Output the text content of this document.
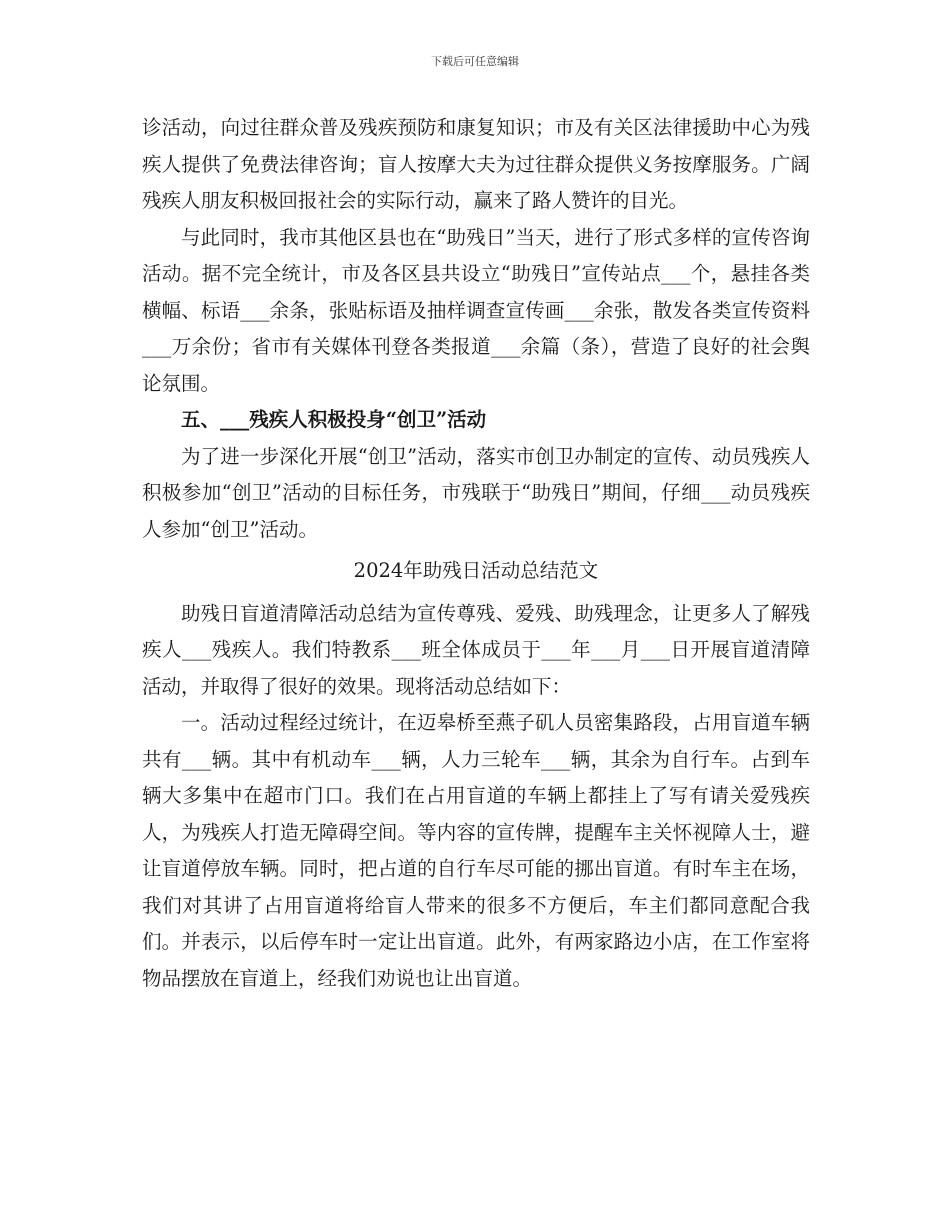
下载后可任意编辑

诊活动，向过往群众普及残疾预防和康复知识；市及有关区法律援助中心为残疾人提供了免费法律咨询；盲人按摩大夫为过往群众提供义务按摩服务。广阔残疾人朋友积极回报社会的实际行动，赢来了路人赞许的目光。

与此同时，我市其他区县也在“助残日”当天，进行了形式多样的宣传咨询活动。据不完全统计，市及各区县共设立“助残日”宣传站点___个，悬挂各类横幅、标语___余条，张贴标语及抽样调查宣传画___余张，散发各类宣传资料___万余份；省市有关媒体刊登各类报道___余篇（条），营造了良好的社会舆论氛围。

五、___残疾人积极投身“创卫”活动

为了进一步深化开展“创卫”活动，落实市创卫办制定的宣传、动员残疾人积极参加“创卫”活动的目标任务，市残联于“助残日”期间，仔细___动员残疾人参加“创卫”活动。

2024年助残日活动总结范文

助残日盲道清障活动总结为宣传尊残、爱残、助残理念，让更多人了解残疾人___残疾人。我们特教系___班全体成员于___年___月___日开展盲道清障活动，并取得了很好的效果。现将活动总结如下：

一。活动过程经过统计，在迈皋桥至燕子矶人员密集路段，占用盲道车辆共有___辆。其中有机动车___辆，人力三轮车___辆，其余为自行车。占到车辆大多集中在超市门口。我们在占用盲道的车辆上都挂上了写有请关爱残疾人，为残疾人打造无障碍空间。等内容的宣传牌，提醒车主关怀视障人士，避让盲道停放车辆。同时，把占道的自行车尽可能的挪出盲道。有时车主在场，我们对其讲了占用盲道将给盲人带来的很多不方便后，车主们都同意配合我们。并表示，以后停车时一定让出盲道。此外，有两家路边小店，在工作室将物品摆放在盲道上，经我们劝说也让出盲道。
